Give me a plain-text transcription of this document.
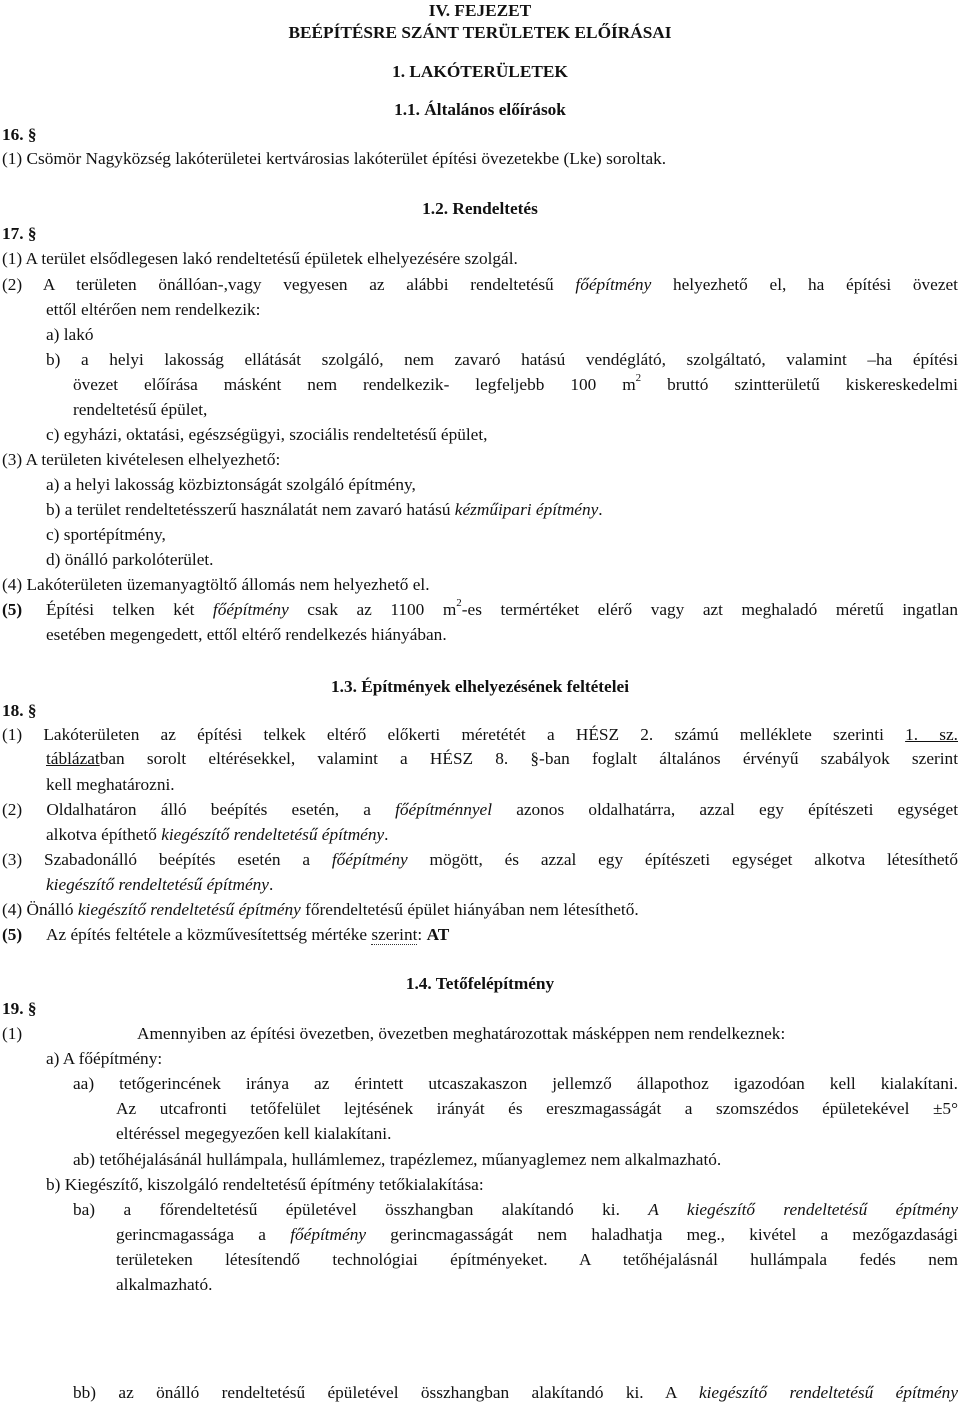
IV. FEJEZET
BEÉPÍTÉSRE SZÁNT TERÜLETEK ELŐÍRÁSAI
1. LAKÓTERÜLETEK
1.1. Általános előírások
16. §
(1) Csömör Nagyközség lakóterületei kertvárosias lakóterület építési övezetekbe (Lke) soroltak.
1.2. Rendeltetés
17. §
(1) A terület elsődlegesen lakó rendeltetésű épületek elhelyezésére szolgál.
(2) A területen önállóan-,vagy vegyesen az alábbi rendeltetésű főépítmény helyezhető el, ha építési övezet
ettől eltérően nem rendelkezik:
a) lakó
b) a helyi lakosság ellátását szolgáló, nem zavaró hatású vendéglátó, szolgáltató, valamint –ha építési
övezet előírása másként nem rendelkezik- legfeljebb 100 $m^2$ bruttó szintterületű kiskereskedelmi
rendeltetésű épület,
c) egyházi, oktatási, egészségügyi, szociális rendeltetésű épület,
(3) A területen kivételesen elhelyezhető:
a) a helyi lakosság közbiztonságát szolgáló építmény,
b) a terület rendeltetésszerű használatát nem zavaró hatású kézműipari építmény.
c) sportépítmény,
d) önálló parkolóterület.
(4) Lakóterületen üzemanyagtöltő állomás nem helyezhető el.
(5) Építési telken két főépítmény csak az 1100 $m^2-es$ termértéket elérő vagy azt meghaladó méretű ingatlan
esetében megengedett, ettől eltérő rendelkezés hiányában.
1.3. Építmények elhelyezésének feltételei
18. §
(1) Lakóterületen az építési telkek eltérő előkerti méretétét a HÉSZ 2. számú melléklete szerinti 1. sz.
táblázatban sorolt eltérésekkel, valamint a HÉSZ 8. §-ban foglalt általános érvényű szabályok szerint
kell meghatározni.
(2) Oldalhatáron álló beépítés esetén, a főépítménnyel azonos oldalhatárra, azzal egy építészeti egységet
alkotva építhető kiegészítő rendeltetésű építmény.
(3) Szabadonálló beépítés esetén a főépítmény mögött, és azzal egy építészeti egységet alkotva létesíthető
kiegészítő rendeltetésű építmény.
(4) Önálló kiegészítő rendeltetésű építmény főrendeltetésű épület hiányában nem létesíthető.
(5) Az építés feltétele a közművesítettség mértéke szerint: AT
1.4. Tetőfelépítmény
19. §
(1)	Amennyiben az építési övezetben, övezetben meghatározottak másképpen nem rendelkeznek:
a) A főépítmény:
aa) tetőgerincének iránya az érintett utcaszakaszon jellemző állapothoz igazodóan kell kialakítani.
Az utcafronti tetőfelület lejtésének irányát és ereszmagasságát a szomszédos épületekével ±5°
eltéréssel megegyezően kell kialakítani.
ab) tetőhéjalásánál hullámpala, hullámlemez, trapézlemez, műanyaglemez nem alkalmazható.
b) Kiegészítő, kiszolgáló rendeltetésű építmény tetőkialakítása:
ba) a főrendeltetésű épületével összhangban alakítandó ki. A kiegészítő rendeltetésű építmény
gerincmagassága a főépítmény gerincmagasságát nem haladhatja meg., kivétel a mezőgazdasági
területeken létesítendő technológiai építményeket. A tetőhéjalásnál hullámpala fedés nem
alkalmazható.
bb) az önálló rendeltetésű épületével összhangban alakítandó ki. A kiegészítő rendeltetésű építmény
